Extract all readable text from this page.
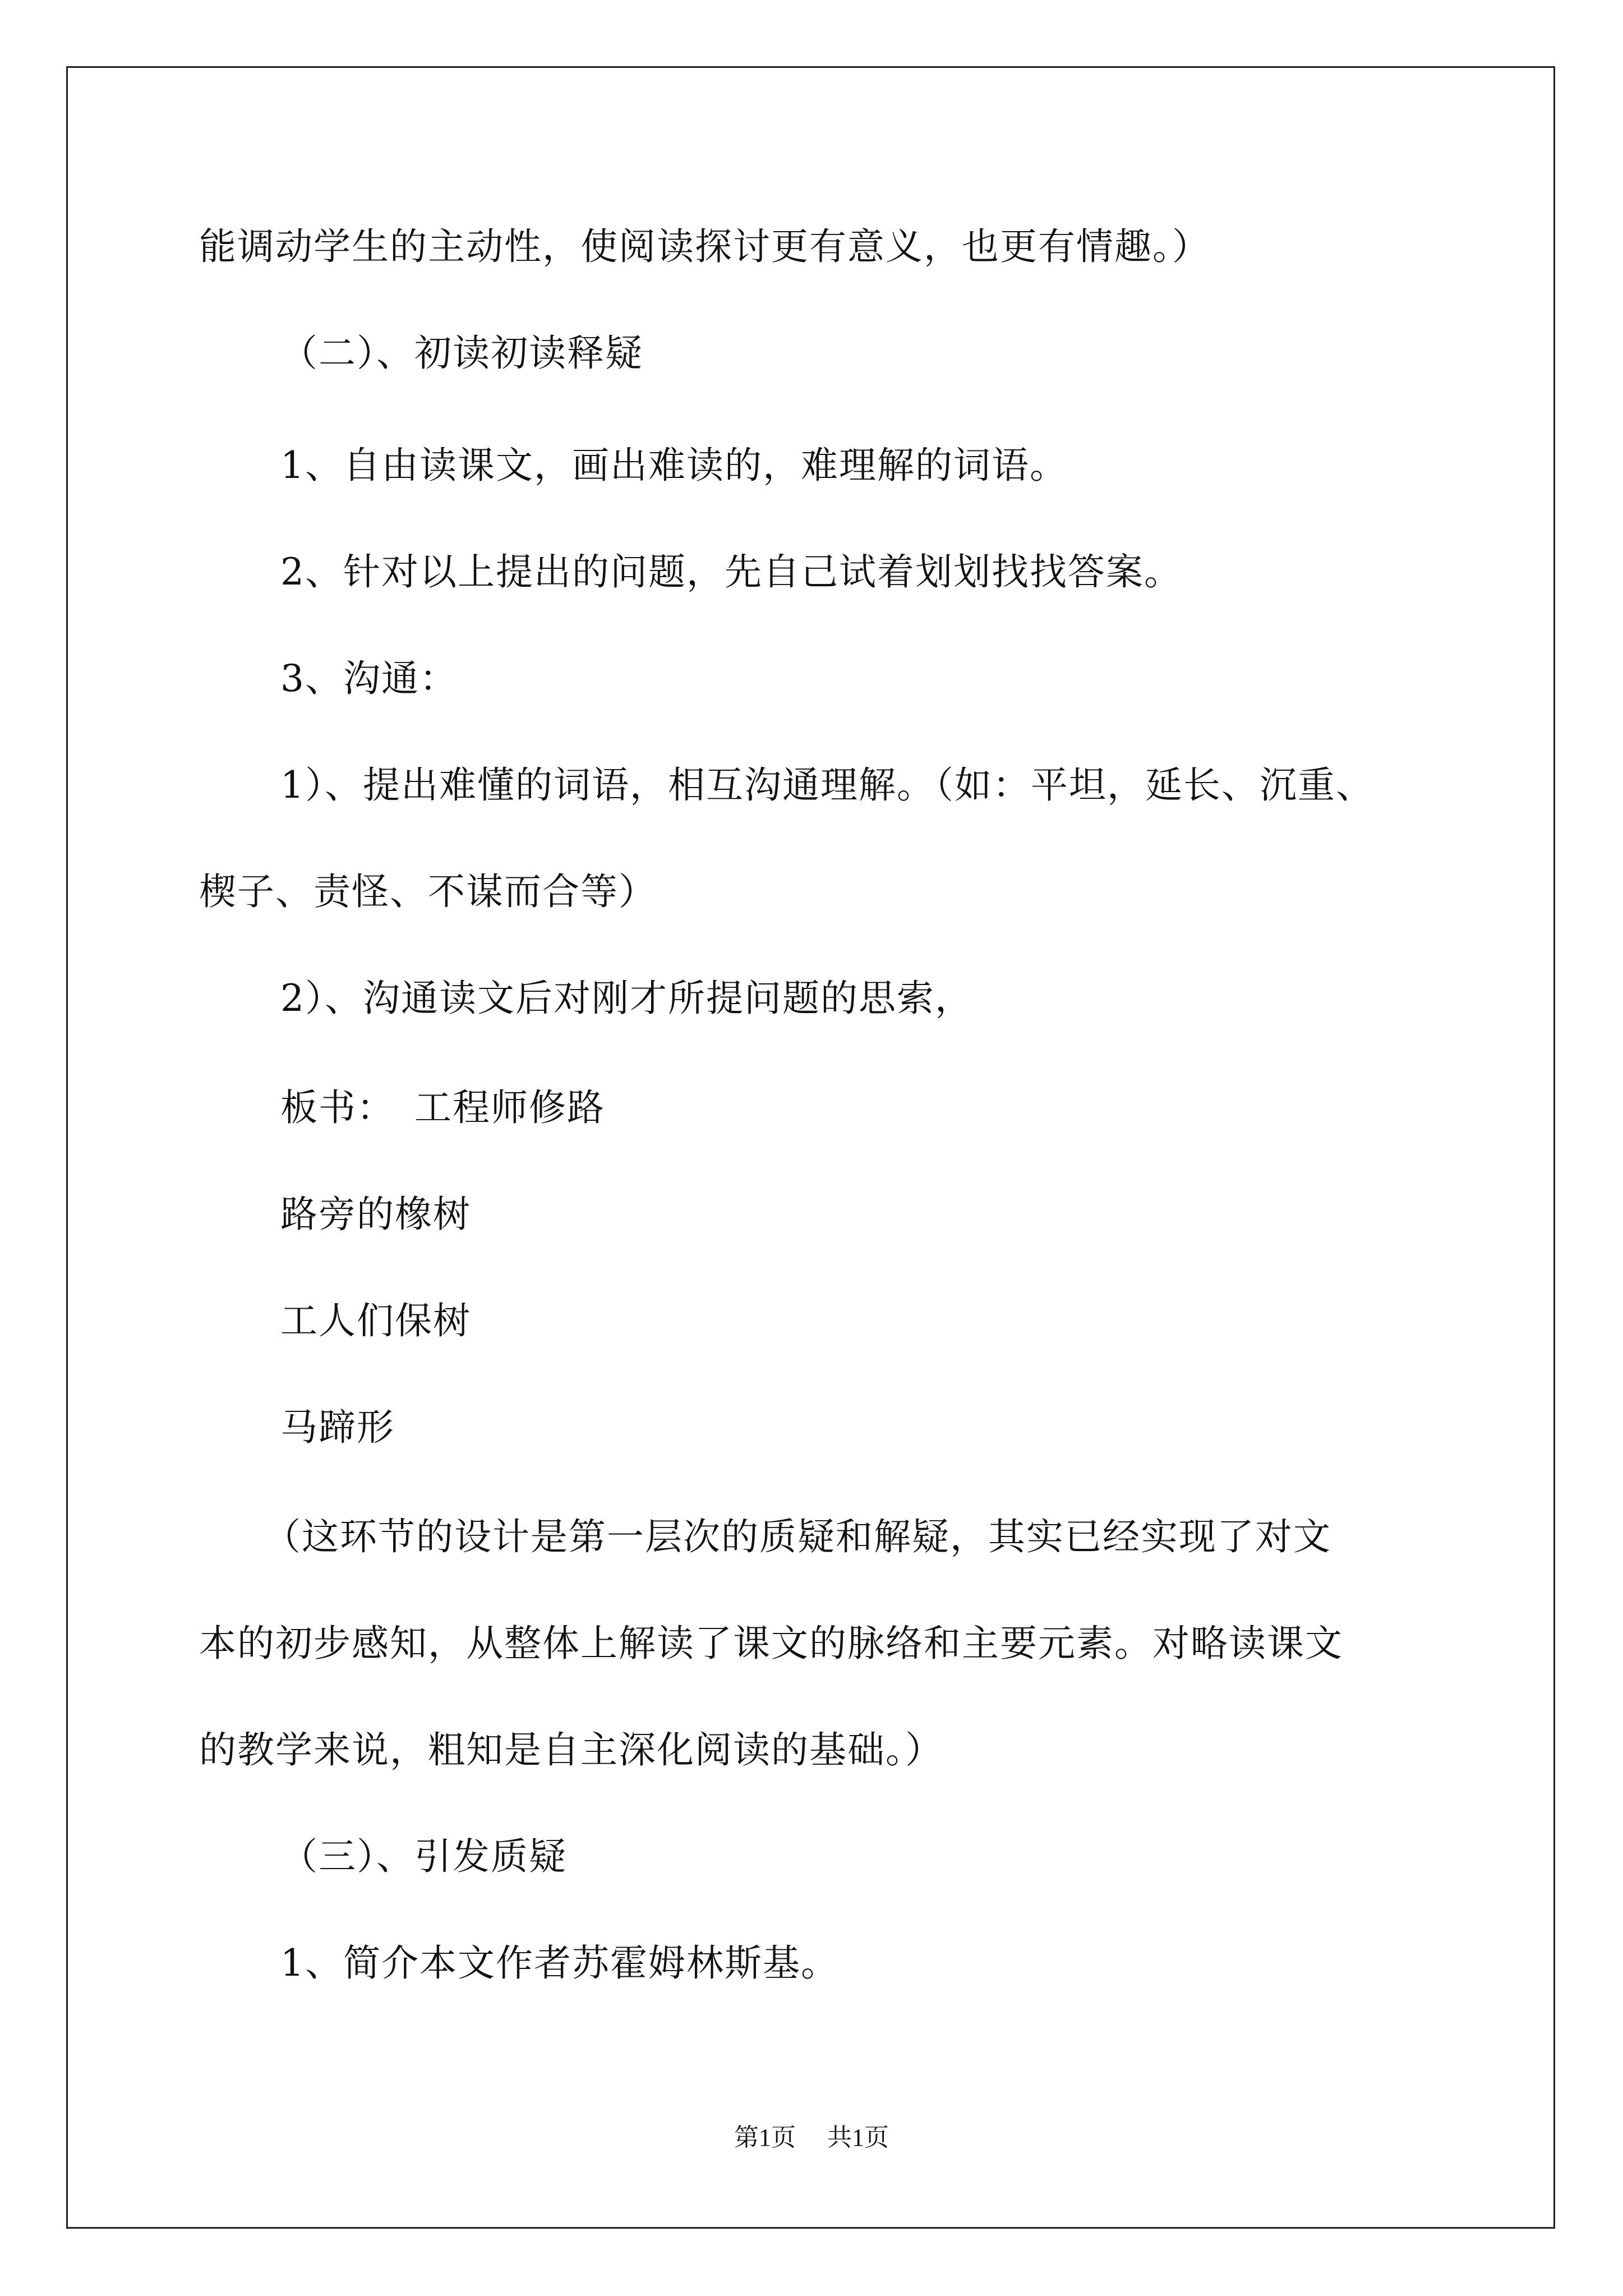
能调动学生的主动性，使阅读探讨更有意义，也更有情趣。）
（二）、初读初读释疑
1、自由读课文，画出难读的，难理解的词语。
2、针对以上提出的问题，先自己试着划划找找答案。
3、沟通：
1）、提出难懂的词语，相互沟通理解。（如：平坦，延长、沉重、
楔子、责怪、不谋而合等）
2）、沟通读文后对刚才所提问题的思索，
板书：　工程师修路
路旁的橡树
工人们保树
马蹄形
（这环节的设计是第一层次的质疑和解疑，其实已经实现了对文
本的初步感知，从整体上解读了课文的脉络和主要元素。对略读课文
的教学来说，粗知是自主深化阅读的基础。）
（三）、引发质疑
1、简介本文作者苏霍姆林斯基。
第1页 共1页
